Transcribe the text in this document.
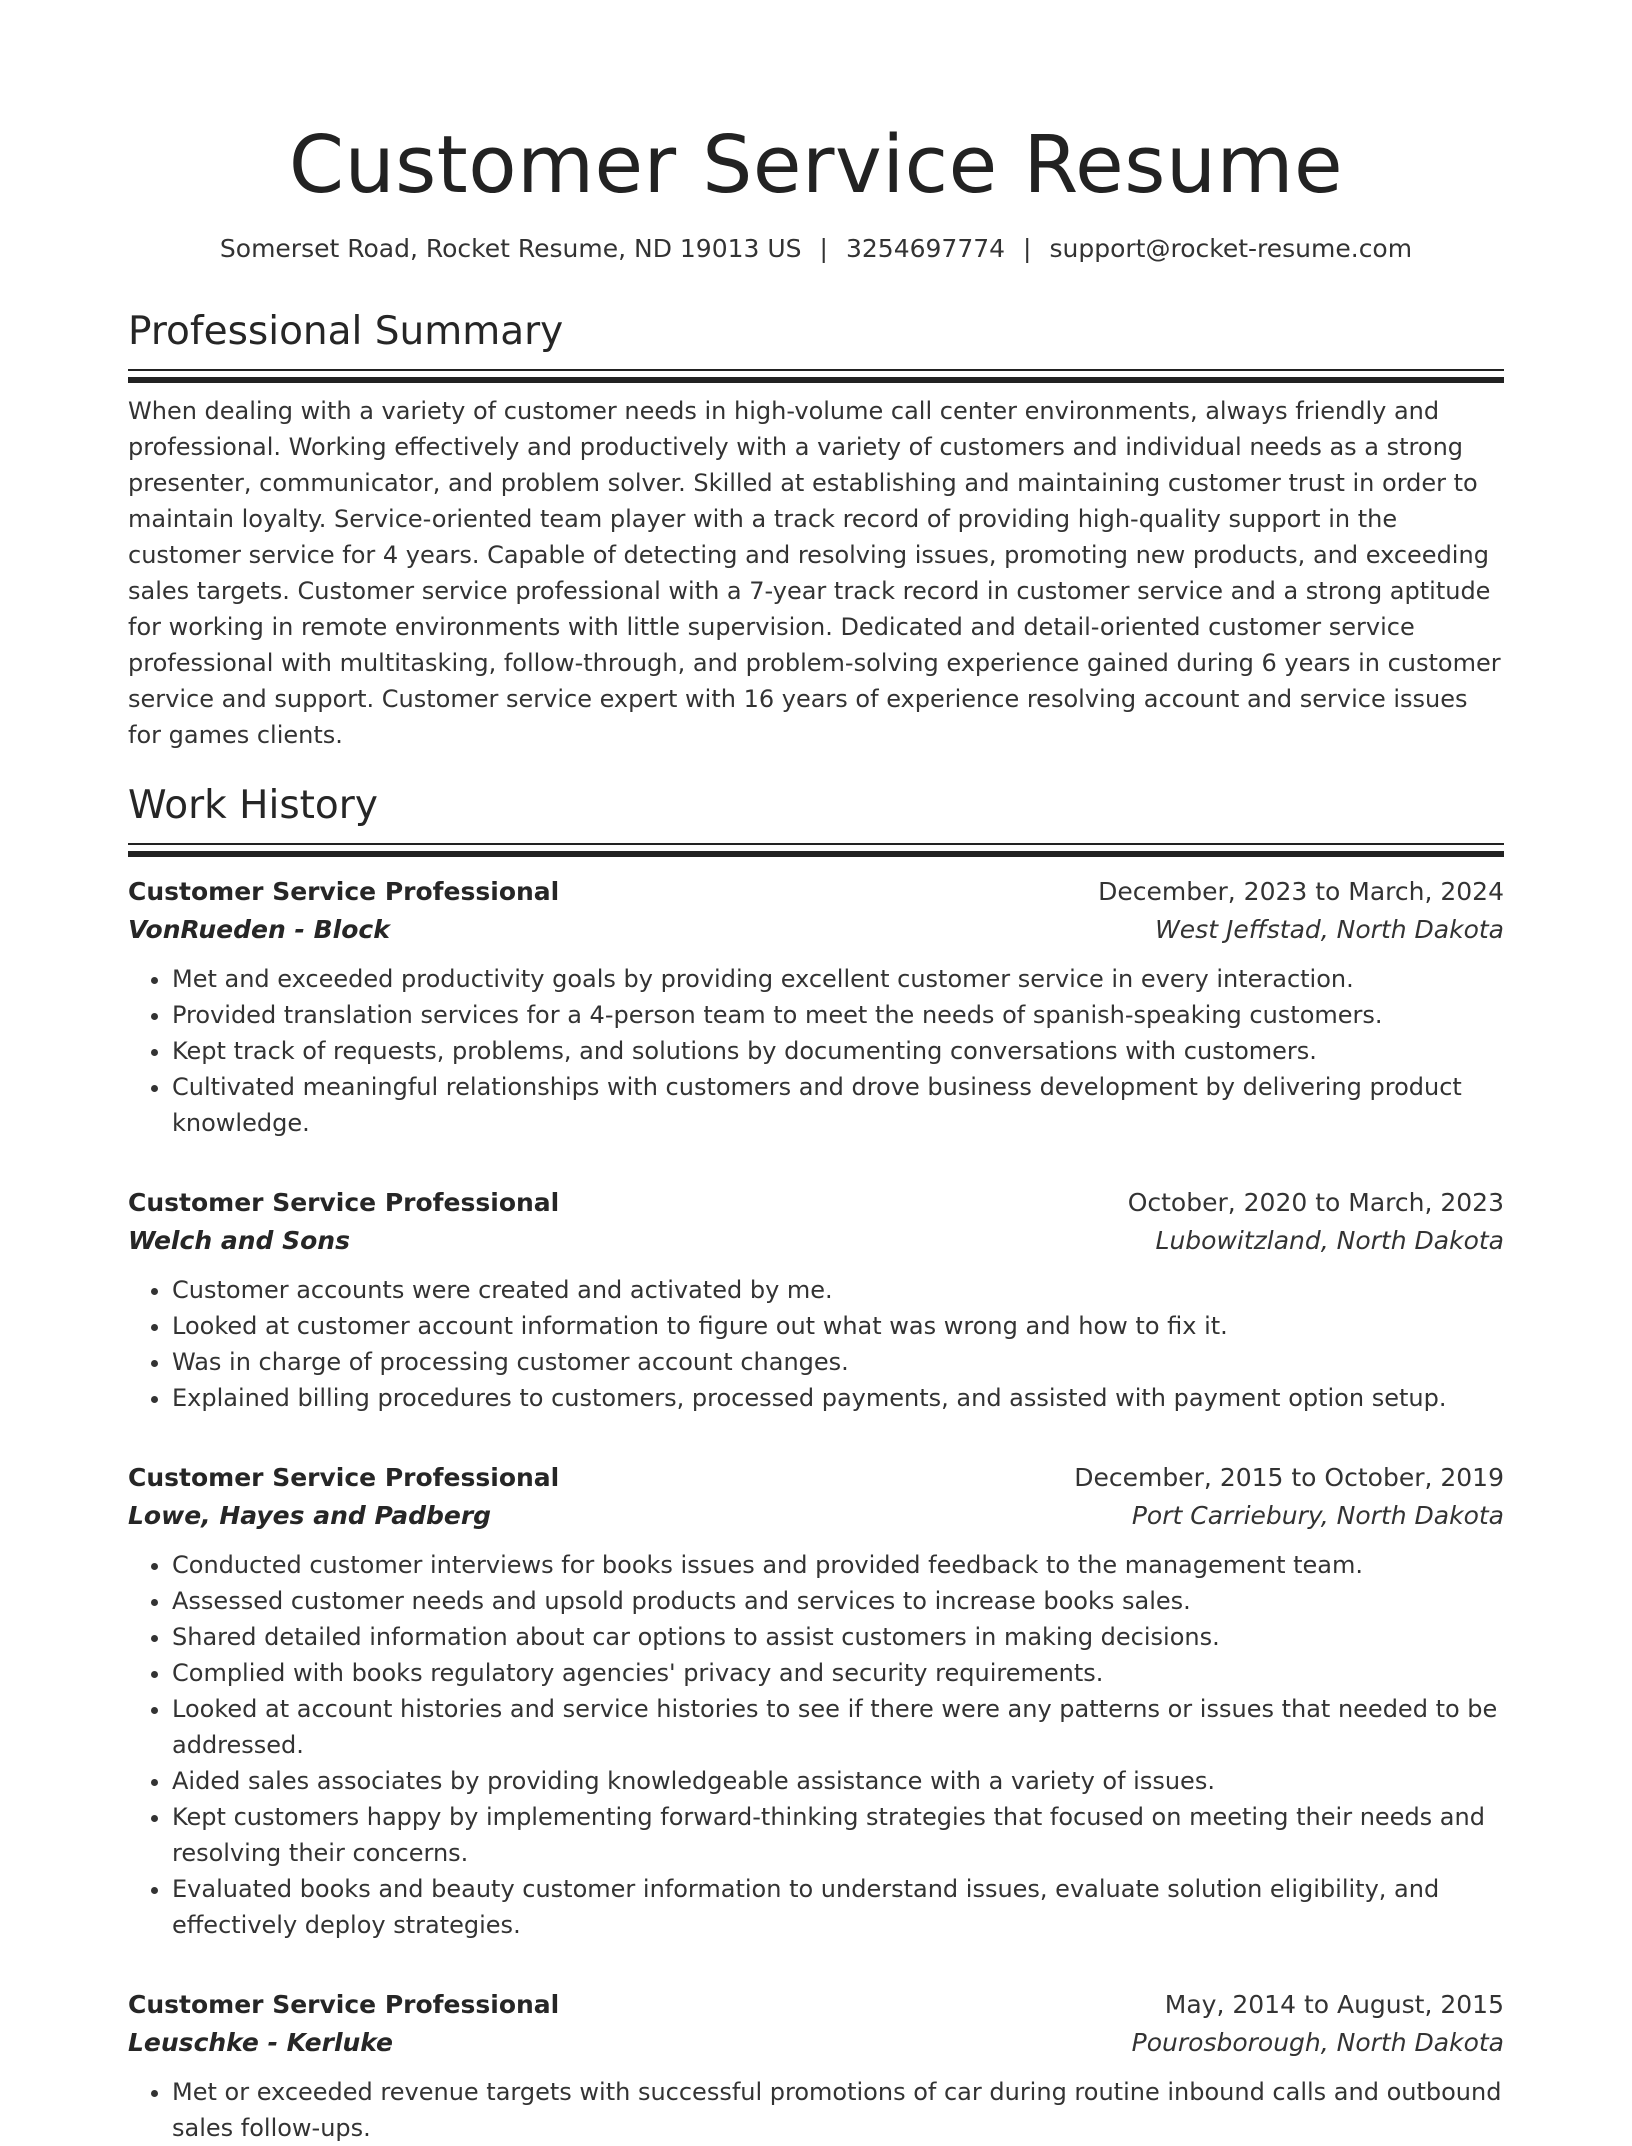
Customer Service Resume
Somerset Road, Rocket Resume, ND 19013 US | 3254697774 | support@rocket-resume.com
Professional Summary

When dealing with a variety of customer needs in high-volume call center environments, always friendly and professional. Working effectively and productively with a variety of customers and individual needs as a strong presenter, communicator, and problem solver. Skilled at establishing and maintaining customer trust in order to maintain loyalty. Service-oriented team player with a track record of providing high-quality support in the customer service for 4 years. Capable of detecting and resolving issues, promoting new products, and exceeding sales targets. Customer service professional with a 7-year track record in customer service and a strong aptitude for working in remote environments with little supervision. Dedicated and detail-oriented customer service professional with multitasking, follow-through, and problem-solving experience gained during 6 years in customer service and support. Customer service expert with 16 years of experience resolving account and service issues for games clients.

Work History
Customer Service Professional	December, 2023 to March, 2024
VonRueden - Block	West Jeffstad, North Dakota
• Met and exceeded productivity goals by providing excellent customer service in every interaction.
• Provided translation services for a 4-person team to meet the needs of spanish-speaking customers.
• Kept track of requests, problems, and solutions by documenting conversations with customers.
• Cultivated meaningful relationships with customers and drove business development by delivering product knowledge.
Customer Service Professional	October, 2020 to March, 2023
Welch and Sons	Lubowitzland, North Dakota
• Customer accounts were created and activated by me.
• Looked at customer account information to figure out what was wrong and how to fix it.
• Was in charge of processing customer account changes.
• Explained billing procedures to customers, processed payments, and assisted with payment option setup.
Customer Service Professional	December, 2015 to October, 2019
Lowe, Hayes and Padberg	Port Carriebury, North Dakota
• Conducted customer interviews for books issues and provided feedback to the management team.
• Assessed customer needs and upsold products and services to increase books sales.
• Shared detailed information about car options to assist customers in making decisions.
• Complied with books regulatory agencies' privacy and security requirements.
• Looked at account histories and service histories to see if there were any patterns or issues that needed to be addressed.
• Aided sales associates by providing knowledgeable assistance with a variety of issues.
• Kept customers happy by implementing forward-thinking strategies that focused on meeting their needs and resolving their concerns.
• Evaluated books and beauty customer information to understand issues, evaluate solution eligibility, and effectively deploy strategies.
Customer Service Professional	May, 2014 to August, 2015
Leuschke - Kerluke	Pourosborough, North Dakota
• Met or exceeded revenue targets with successful promotions of car during routine inbound calls and outbound sales follow-ups.
